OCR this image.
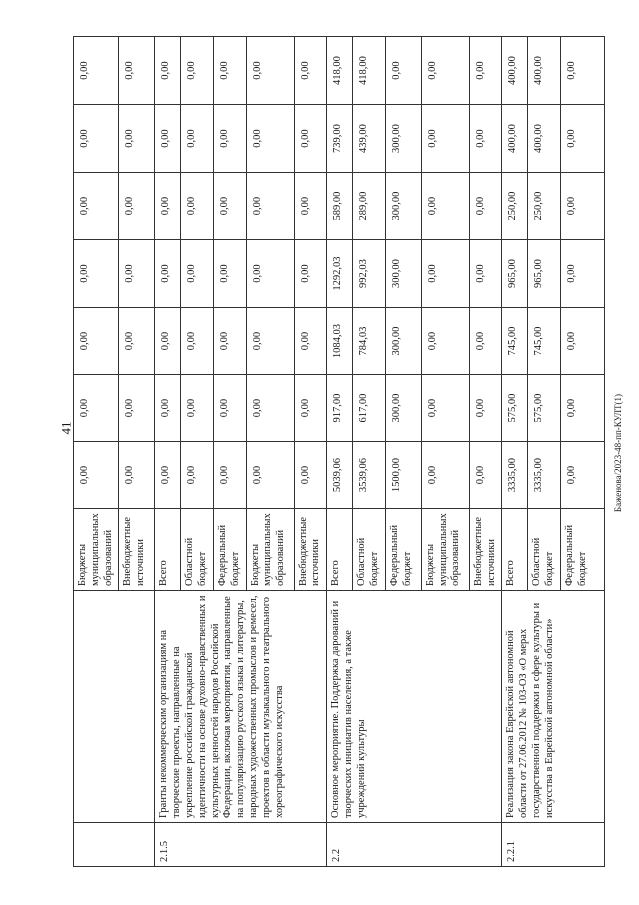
41
		Бюджеты муниципальных образований	0,00	0,00	0,00	0,00	0,00	0,00	0,00
		Внебюджетные источники	0,00	0,00	0,00	0,00	0,00	0,00	0,00
2.1.5	Гранты некоммерческим организациям на творческие проекты, направленные на укрепление российской гражданской идентичности на основе духовно-нравственных и культурных ценностей народов Российской Федерации, включая мероприятия, направленные на популяризацию русского языка и литературы, народных художественных промыслов и ремесел, проектов в области музыкального и театрального хореографического искусства	Всего	0,00	0,00	0,00	0,00	0,00	0,00	0,00
		Областной бюджет	0,00	0,00	0,00	0,00	0,00	0,00	0,00
		Федеральный бюджет	0,00	0,00	0,00	0,00	0,00	0,00	0,00
		Бюджеты муниципальных образований	0,00	0,00	0,00	0,00	0,00	0,00	0,00
		Внебюджетные источники	0,00	0,00	0,00	0,00	0,00	0,00	0,00
2.2	Основное мероприятие. Поддержка дарований и творческих инициатив населения, а также учреждений культуры	Всего	5039,06	917,00	1084,03	1292,03	589,00	739,00	418,00
		Областной бюджет	3539,06	617,00	784,03	992,03	289,00	439,00	418,00
		Федеральный бюджет	1500,00	300,00	300,00	300,00	300,00	300,00	0,00
		Бюджеты муниципальных образований	0,00	0,00	0,00	0,00	0,00	0,00	0,00
		Внебюджетные источники	0,00	0,00	0,00	0,00	0,00	0,00	0,00
2.2.1	Реализация закона Еврейской автономной области от 27.06.2012 № 103-ОЗ «О мерах государственной поддержки в сфере культуры и искусства в Еврейской автономной области»	Всего	3335,00	575,00	745,00	965,00	250,00	400,00	400,00
		Областной бюджет	3335,00	575,00	745,00	965,00	250,00	400,00	400,00
		Федеральный бюджет	0,00	0,00	0,00	0,00	0,00	0,00	0,00
Баженова/2023-48-пп-КУЛТ(1)
